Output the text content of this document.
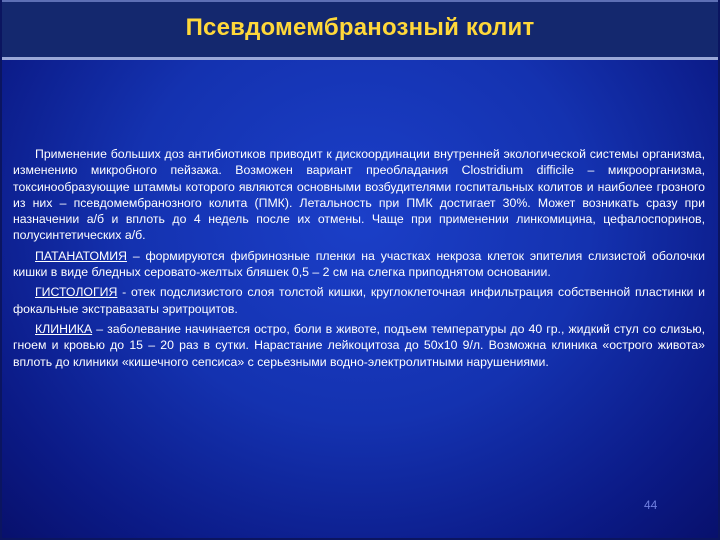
Псевдомембранозный колит

Применение больших доз антибиотиков приводит к дискоординации внутренней экологической системы организма, изменению микробного пейзажа. Возможен вариант преобладания Clostridium difficile – микроорганизма, токсинообразующие штаммы которого являются основными возбудителями госпитальных колитов и наиболее грозного из них – псевдомембранозного колита (ПМК). Летальность при ПМК достигает 30%. Может возникать сразу при назначении а/б и вплоть до 4 недель после их отмены. Чаще при применении линкомицина, цефалоспоринов, полусинтетических а/б.

ПАТАНАТОМИЯ – формируются фибринозные пленки на участках некроза клеток эпителия слизистой оболочки кишки в виде бледных серовато-желтых бляшек 0,5 – 2 см на слегка приподнятом основании.

ГИСТОЛОГИЯ - отек подслизистого слоя толстой кишки, круглоклеточная инфильтрация собственной пластинки и фокальные экстравазаты эритроцитов.

КЛИНИКА – заболевание начинается остро, боли в животе, подъем температуры до 40 гр., жидкий стул со слизью, гноем и кровью до 15 – 20 раз в сутки. Нарастание лейкоцитоза до 50х10 9/л. Возможна клиника «острого живота» вплоть до клиники «кишечного сепсиса» с серьезными водно-электролитными нарушениями.

44
